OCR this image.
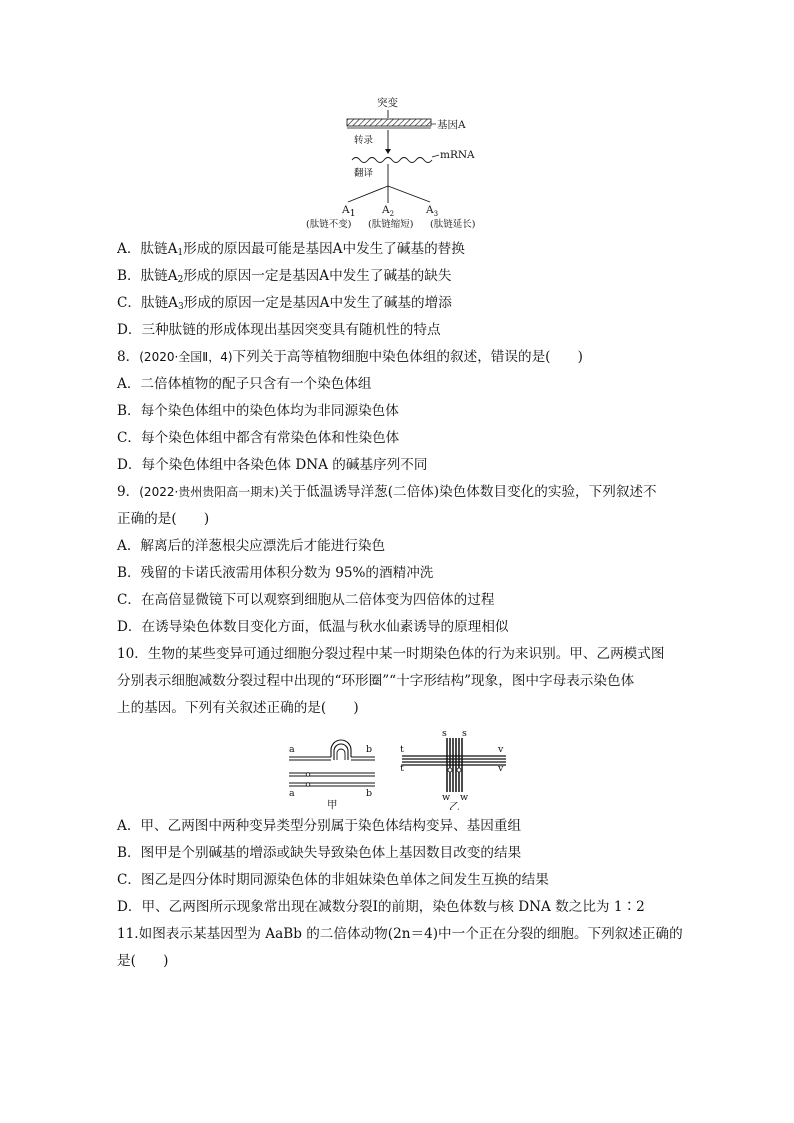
突变
基因A
转录
mRNA
翻译
A1	$A_2$	$A_3$
(肽链不变) (肽链缩短) (肽链延长)
A．肽链$A_1$形成的原因最可能是基因A中发生了碱基的替换
B．肽链$A_2$形成的原因一定是基因A中发生了碱基的缺失
C．肽链$A_3$形成的原因一定是基因A中发生了碱基的增添
D．三种肽链的形成体现出基因突变具有随机性的特点
8．(2020·全国Ⅱ，4)下列关于高等植物细胞中染色体组的叙述，错误的是(　　)
A．二倍体植物的配子只含有一个染色体组
B．每个染色体组中的染色体均为非同源染色体
C．每个染色体组中都含有常染色体和性染色体
D．每个染色体组中各染色体 DNA 的碱基序列不同
9．(2022·贵州贵阳高一期末)关于低温诱导洋葱(二倍体)染色体数目变化的实验，下列叙述不
正确的是(　　)
A．解离后的洋葱根尖应漂洗后才能进行染色
B．残留的卡诺氏液需用体积分数为 95%的酒精冲洗
C．在高倍显微镜下可以观察到细胞从二倍体变为四倍体的过程
D．在诱导染色体数目变化方面，低温与秋水仙素诱导的原理相似
10．生物的某些变异可通过细胞分裂过程中某一时期染色体的行为来识别。甲、乙两模式图
分别表示细胞减数分裂过程中出现的“环形圈”“十字形结构”现象，图中字母表示染色体
上的基因。下列有关叙述正确的是(　　)
a	b
a	b
甲
s s
t
t
v
v
w w
乙
A．甲、乙两图中两种变异类型分别属于染色体结构变异、基因重组
B．图甲是个别碱基的增添或缺失导致染色体上基因数目改变的结果
C．图乙是四分体时期同源染色体的非姐妹染色单体之间发生互换的结果
D．甲、乙两图所示现象常出现在减数分裂Ⅰ的前期，染色体数与核 DNA 数之比为 1∶2
11.如图表示某基因型为 AaBb 的二倍体动物(2n＝4)中一个正在分裂的细胞。下列叙述正确的
是(　　)
